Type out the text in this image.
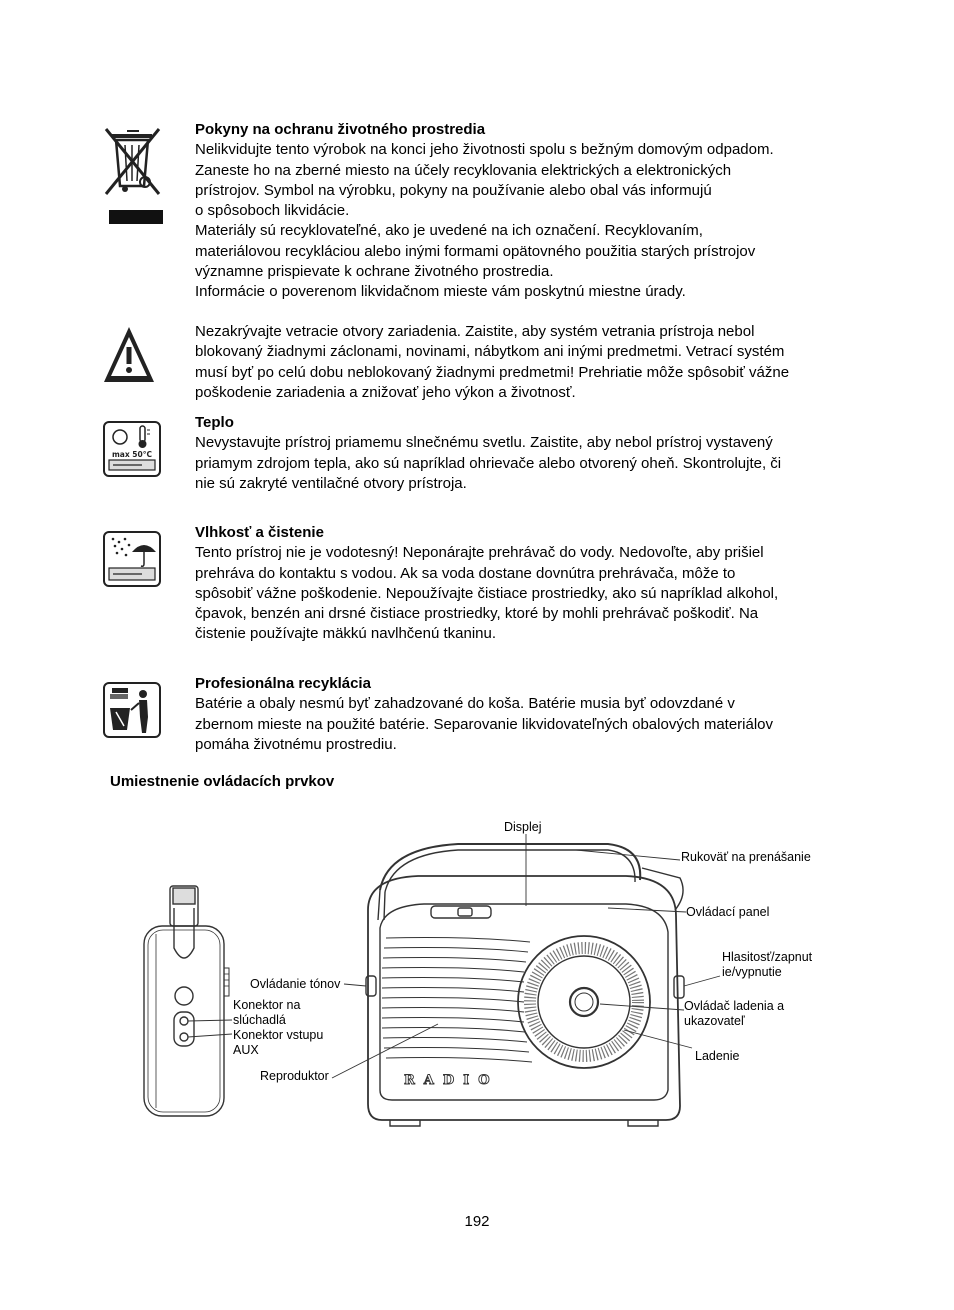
Pokyny na ochranu životného prostredia
Nelikvidujte tento výrobok na konci jeho životnosti spolu s bežným domovým odpadom.
Zaneste ho na zberné miesto na účely recyklovania elektrických a elektronických
prístrojov. Symbol na výrobku, pokyny na používanie alebo obal vás informujú
o spôsoboch likvidácie.
Materiály sú recyklovateľné, ako je uvedené na ich označení. Recyklovaním,
materiálovou recykláciou alebo inými formami opätovného použitia starých prístrojov
významne prispievate k ochrane životného prostredia.
Informácie o poverenom likvidačnom mieste vám poskytnú miestne úrady.
Nezakrývajte vetracie otvory zariadenia. Zaistite, aby systém vetrania prístroja nebol
blokovaný žiadnymi záclonami, novinami, nábytkom ani inými predmetmi. Vetrací systém
musí byť po celú dobu neblokovaný žiadnymi predmetmi! Prehriatie môže spôsobiť vážne
poškodenie zariadenia a znižovať jeho výkon a životnosť.
max 50°C
Teplo
Nevystavujte prístroj priamemu slnečnému svetlu. Zaistite, aby nebol prístroj vystavený
priamym zdrojom tepla, ako sú napríklad ohrievače alebo otvorený oheň. Skontrolujte, či
nie sú zakryté ventilačné otvory prístroja.
Vlhkosť a čistenie
Tento prístroj nie je vodotesný! Neponárajte prehrávač do vody. Nedovoľte, aby prišiel
prehráva do kontaktu s vodou. Ak sa voda dostane dovnútra prehrávača, môže to
spôsobiť vážne poškodenie. Nepoužívajte čistiace prostriedky, ako sú napríklad alkohol,
čpavok, benzén ani drsné čistiace prostriedky, ktoré by mohli prehrávač poškodiť. Na
čistenie používajte mäkkú navlhčenú tkaninu.
Profesionálna recyklácia
Batérie a obaly nesmú byť zahadzované do koša. Batérie musia byť odovzdané v
zbernom mieste na použité batérie. Separovanie likvidovateľných obalových materiálov
pomáha životnému prostrediu.
Umiestnenie ovládacích prvkov
RADIO
Displej
Rukoväť na prenášanie
Ovládací panel
Hlasitosť/zapnut
ie/vypnutie
Ovládač ladenia a
ukazovateľ
Ladenie
Ovládanie tónov
Konektor na
slúchadlá
Konektor vstupu
AUX
Reproduktor
192
